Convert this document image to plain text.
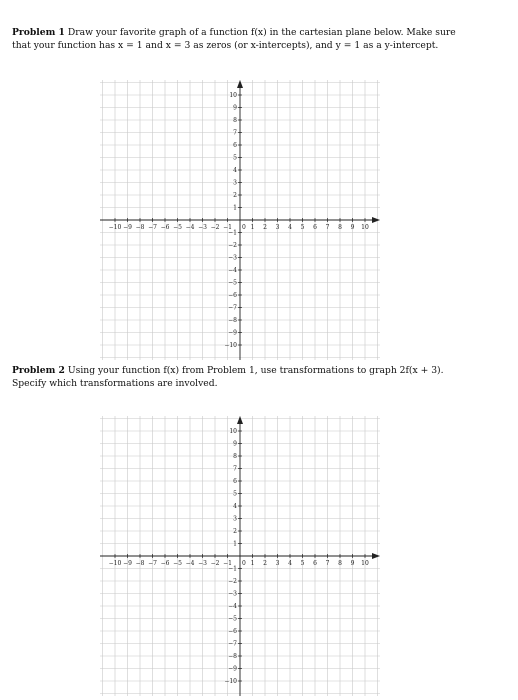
Problem 1 Draw your favorite graph of a function f(x) in the cartesian plane below. Make sure that your function has x = 1 and x = 3 as zeros (or x-intercepts), and y = 1 as a y-intercept.

−10 −9 −8 −7 −6 −5 −4 −3 −2 −1	1 2 3 4 5 6 7 8 9 10
10
9
8
7
6
5
4
3
2
1
−1
−2
−3
−4
−5
−6
−7
−8
−9
−10
0

Problem 2 Using your function f(x) from Problem 1, use transformations to graph 2f(x + 3). Specify which transformations are involved.

−10 −9 −8 −7 −6 −5 −4 −3 −2 −1	1 2 3 4 5 6 7 8 9 10
10
9
8
7
6
5
4
3
2
1
−1
−2
−3
−4
−5
−6
−7
−8
−9
−10
0
